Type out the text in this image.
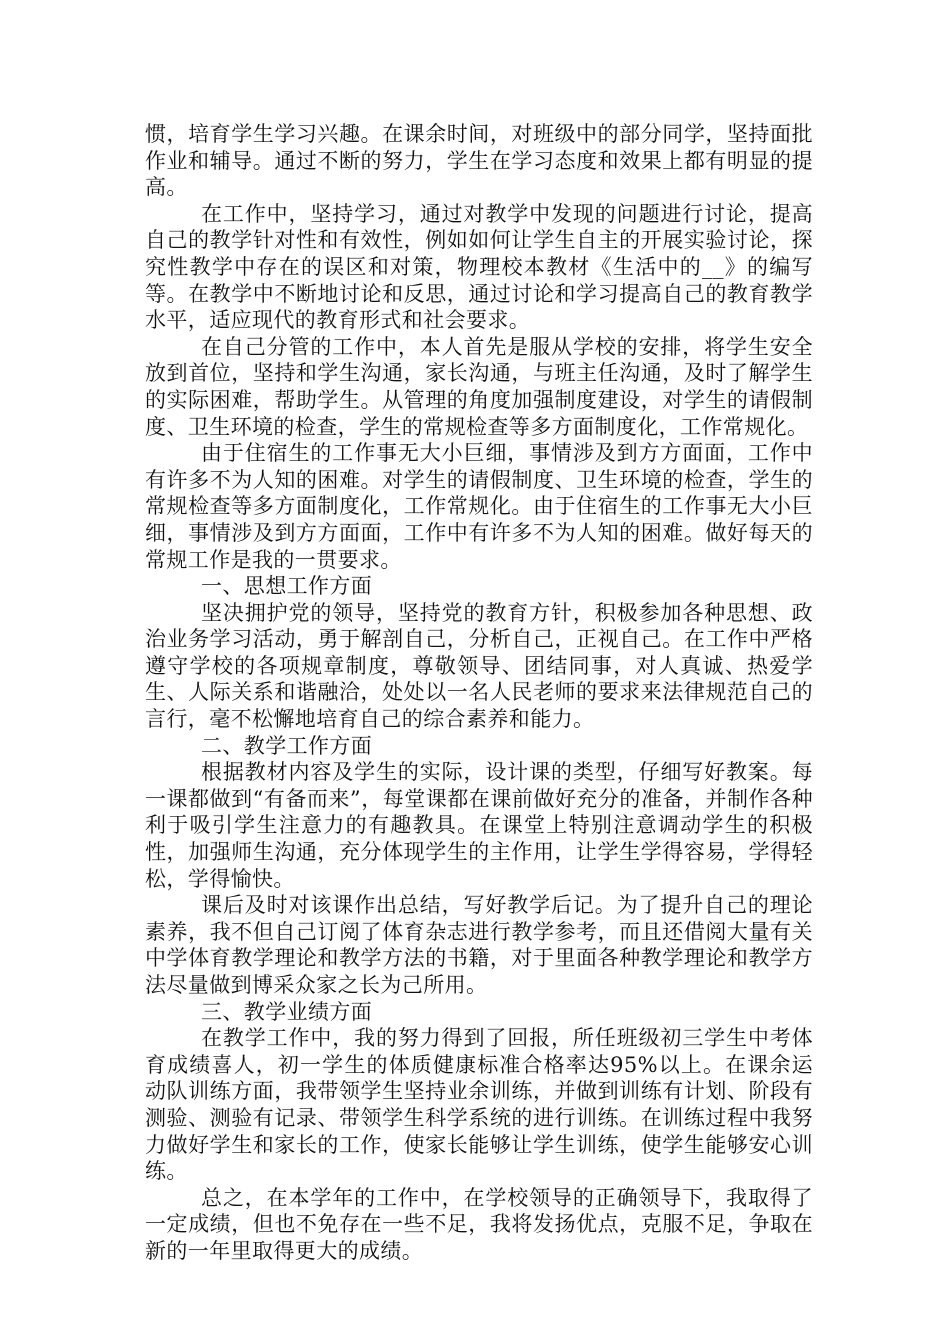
惯，培育学生学习兴趣。在课余时间，对班级中的部分同学，坚持面批作业和辅导。通过不断的努力，学生在学习态度和效果上都有明显的提高。

在工作中，坚持学习，通过对教学中发现的问题进行讨论，提高自己的教学针对性和有效性，例如如何让学生自主的开展实验讨论，探究性教学中存在的误区和对策，物理校本教材《生活中的__》的编写等。在教学中不断地讨论和反思，通过讨论和学习提高自己的教育教学水平，适应现代的教育形式和社会要求。

在自己分管的工作中，本人首先是服从学校的安排，将学生安全放到首位，坚持和学生沟通，家长沟通，与班主任沟通，及时了解学生的实际困难，帮助学生。从管理的角度加强制度建设，对学生的请假制度、卫生环境的检查，学生的常规检查等多方面制度化，工作常规化。

由于住宿生的工作事无大小巨细，事情涉及到方方面面，工作中有许多不为人知的困难。对学生的请假制度、卫生环境的检查，学生的常规检查等多方面制度化，工作常规化。由于住宿生的工作事无大小巨细，事情涉及到方方面面，工作中有许多不为人知的困难。做好每天的常规工作是我的一贯要求。

一、思想工作方面

坚决拥护党的领导，坚持党的教育方针，积极参加各种思想、政治业务学习活动，勇于解剖自己，分析自己，正视自己。在工作中严格遵守学校的各项规章制度，尊敬领导、团结同事，对人真诚、热爱学生、人际关系和谐融洽，处处以一名人民老师的要求来法律规范自己的言行，毫不松懈地培育自己的综合素养和能力。

二、教学工作方面

根据教材内容及学生的实际，设计课的类型，仔细写好教案。每一课都做到“有备而来”，每堂课都在课前做好充分的准备，并制作各种利于吸引学生注意力的有趣教具。在课堂上特别注意调动学生的积极性，加强师生沟通，充分体现学生的主作用，让学生学得容易，学得轻松，学得愉快。

课后及时对该课作出总结，写好教学后记。为了提升自己的理论素养，我不但自己订阅了体育杂志进行教学参考，而且还借阅大量有关中学体育教学理论和教学方法的书籍，对于里面各种教学理论和教学方法尽量做到博采众家之长为己所用。

三、教学业绩方面

在教学工作中，我的努力得到了回报，所任班级初三学生中考体育成绩喜人，初一学生的体质健康标准合格率达95%以上。在课余运动队训练方面，我带领学生坚持业余训练，并做到训练有计划、阶段有测验、测验有记录、带领学生科学系统的进行训练。在训练过程中我努力做好学生和家长的工作，使家长能够让学生训练，使学生能够安心训练。

总之，在本学年的工作中，在学校领导的正确领导下，我取得了一定成绩，但也不免存在一些不足，我将发扬优点，克服不足，争取在新的一年里取得更大的成绩。
